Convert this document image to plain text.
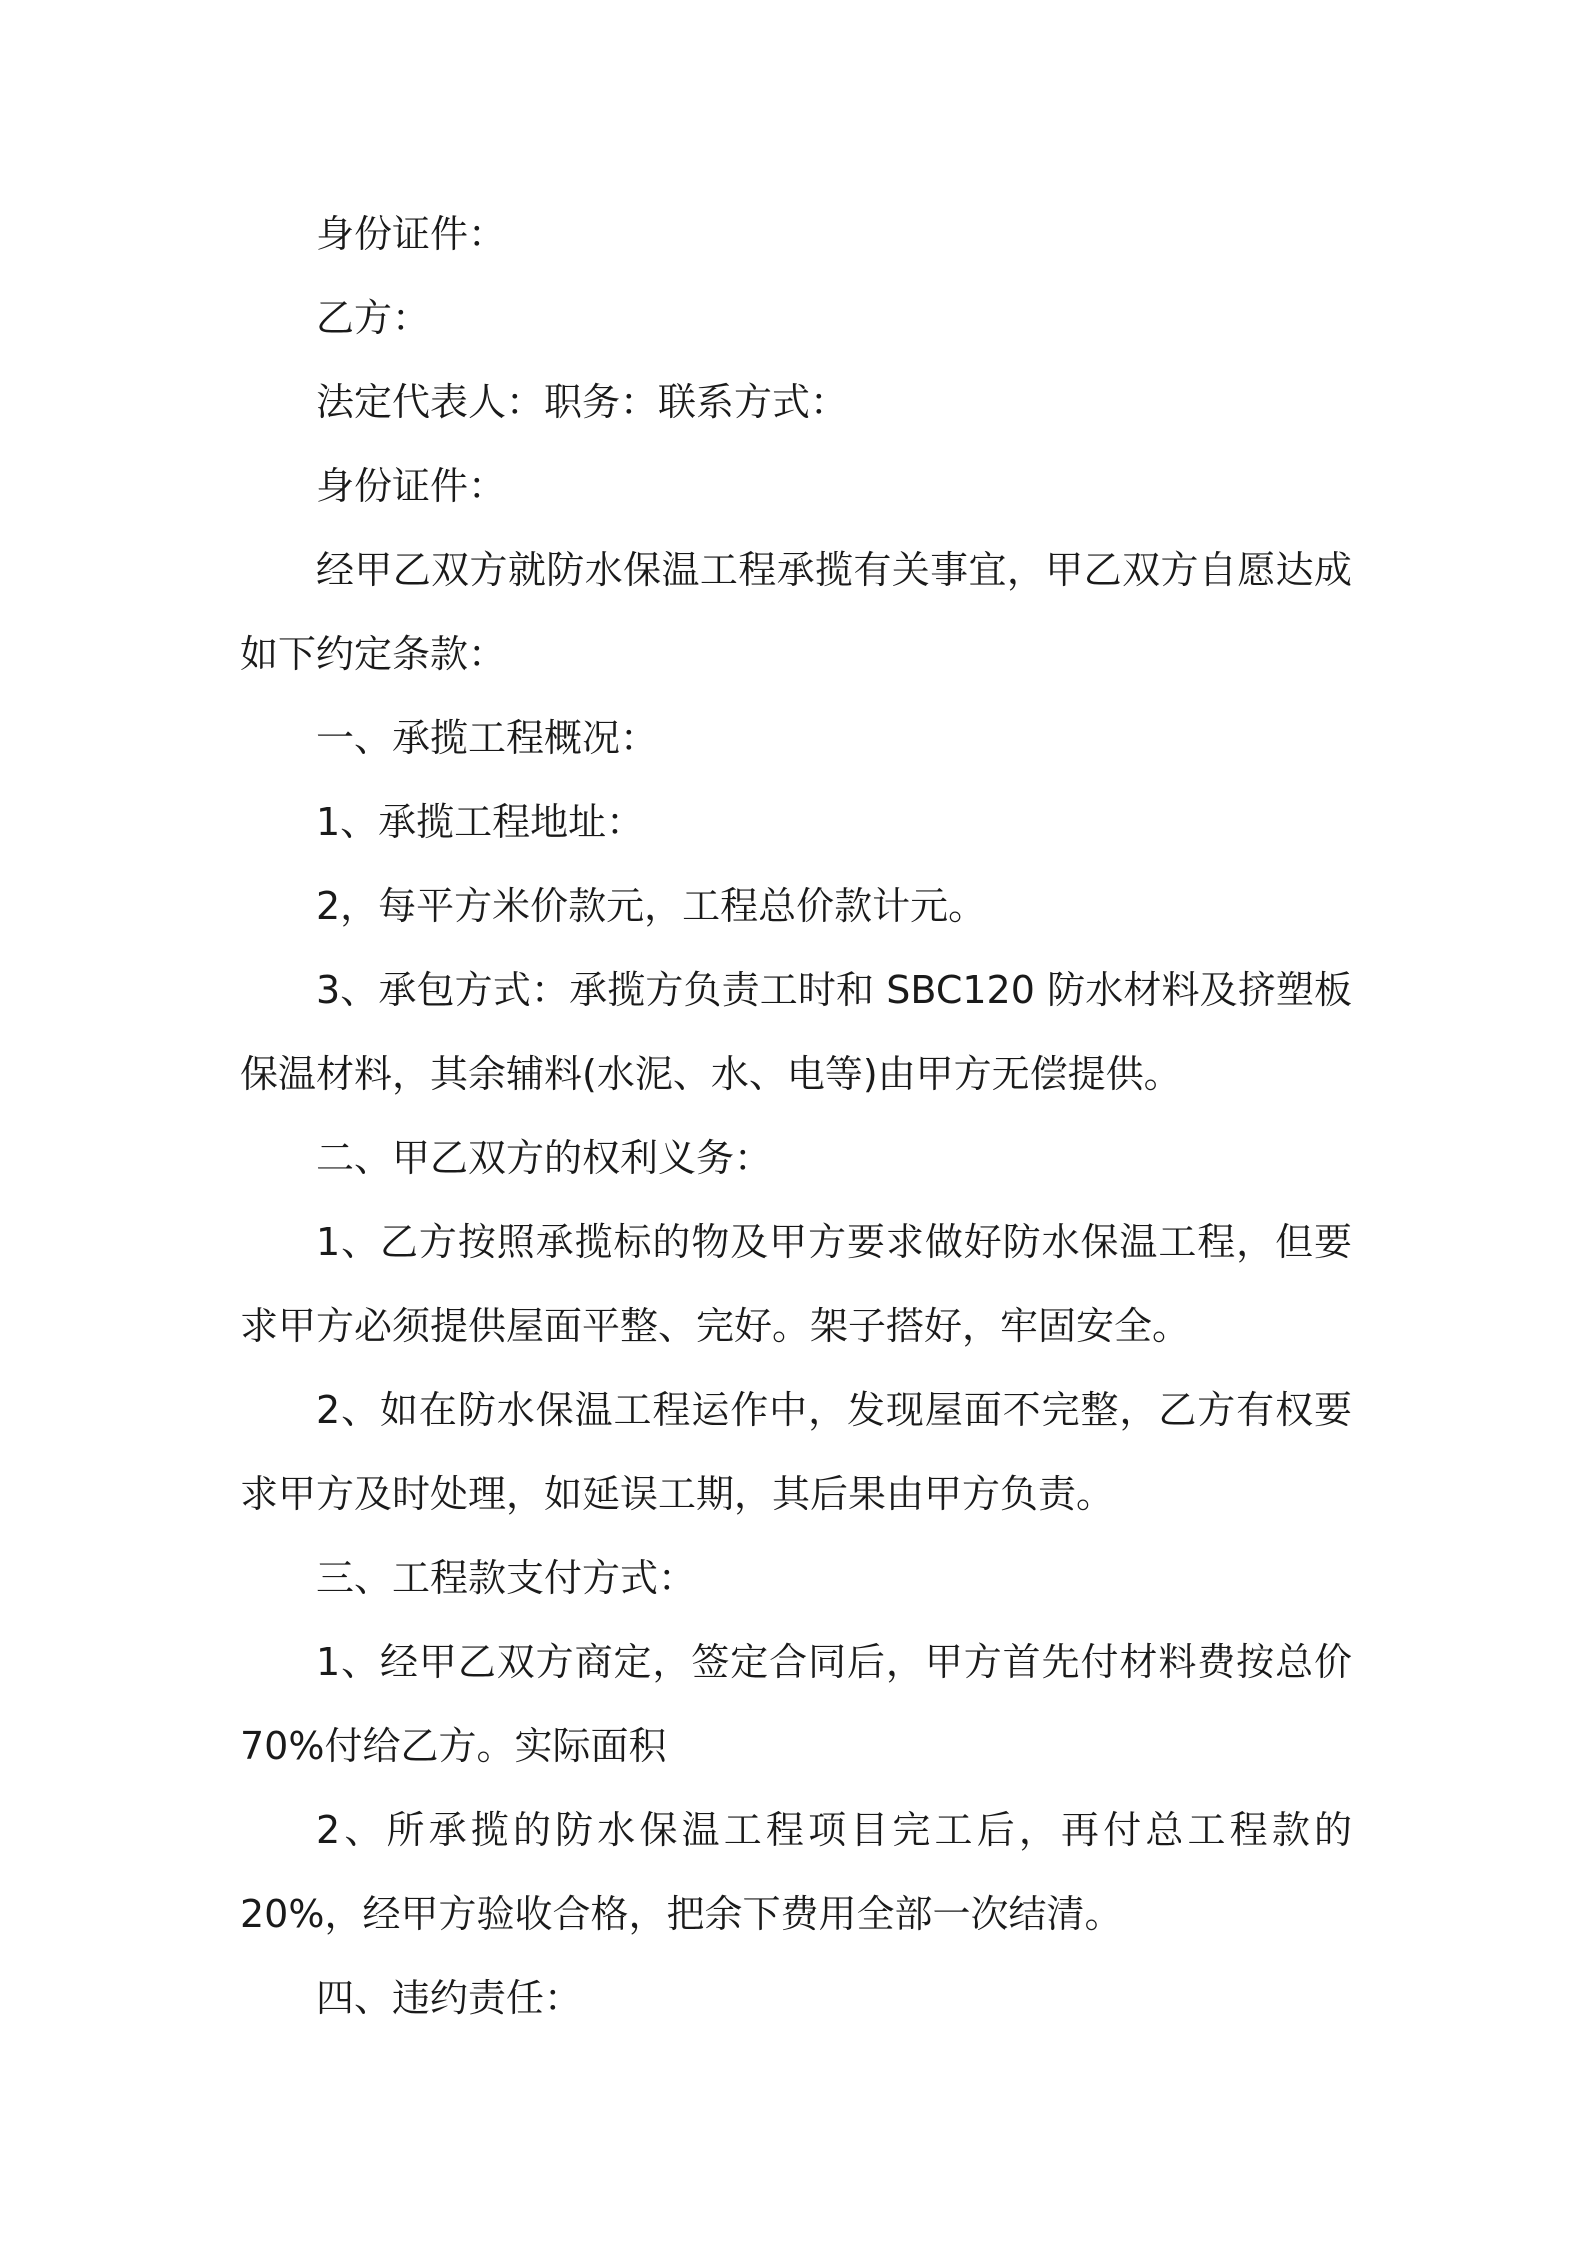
身份证件：

乙方：

法定代表人：职务：联系方式：

身份证件：

经甲乙双方就防水保温工程承揽有关事宜，甲乙双方自愿达成如下约定条款：

一、承揽工程概况：

1、承揽工程地址：

2，每平方米价款元，工程总价款计元。

3、承包方式：承揽方负责工时和 SBC120 防水材料及挤塑板保温材料，其余辅料(水泥、水、电等)由甲方无偿提供。

二、甲乙双方的权利义务：

1、乙方按照承揽标的物及甲方要求做好防水保温工程，但要求甲方必须提供屋面平整、完好。架子搭好，牢固安全。

2、如在防水保温工程运作中，发现屋面不完整，乙方有权要求甲方及时处理，如延误工期，其后果由甲方负责。

三、工程款支付方式：

1、经甲乙双方商定，签定合同后，甲方首先付材料费按总价 70%付给乙方。实际面积

2、所承揽的防水保温工程项目完工后，再付总工程款的 20%，经甲方验收合格，把余下费用全部一次结清。

四、违约责任：
